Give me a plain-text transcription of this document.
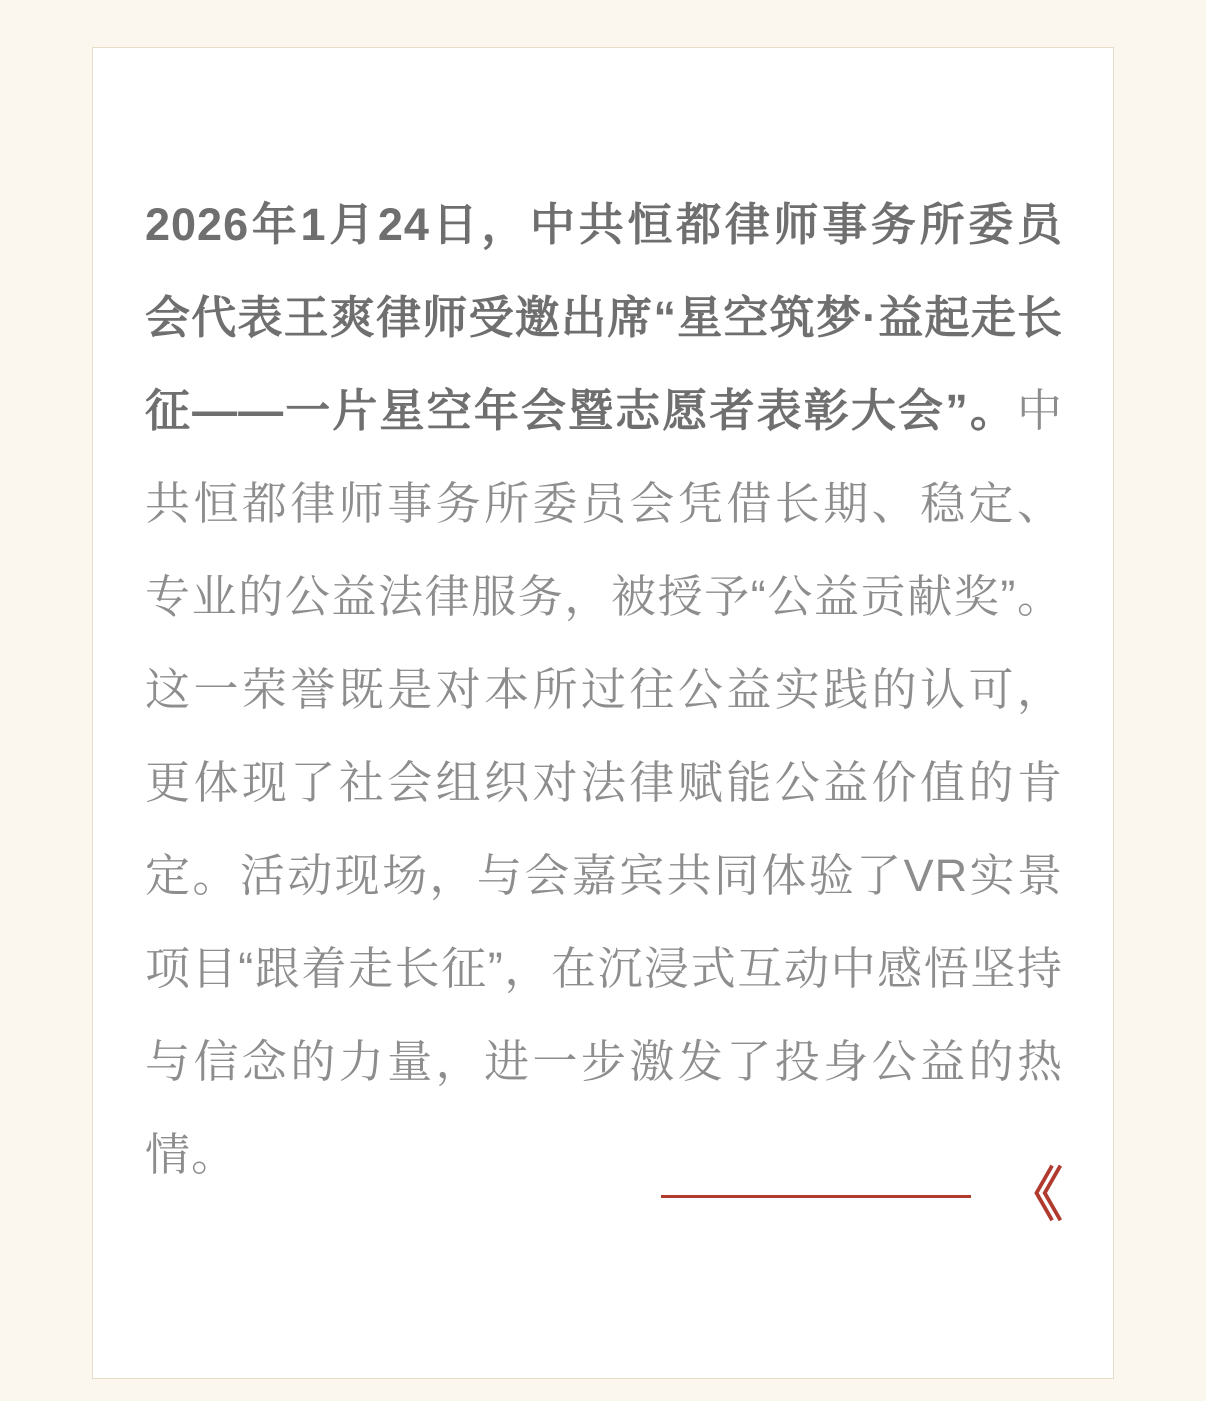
2026年1月24日，中共恒都律师事务所委员会代表王爽律师受邀出席“星空筑梦·益起走长征——一片星空年会暨志愿者表彰大会”。中共恒都律师事务所委员会凭借长期、稳定、专业的公益法律服务，被授予“公益贡献奖”。这一荣誉既是对本所过往公益实践的认可，更体现了社会组织对法律赋能公益价值的肯定。活动现场，与会嘉宾共同体验了VR实景项目“跟着走长征”，在沉浸式互动中感悟坚持与信念的力量，进一步激发了投身公益的热情。

《
